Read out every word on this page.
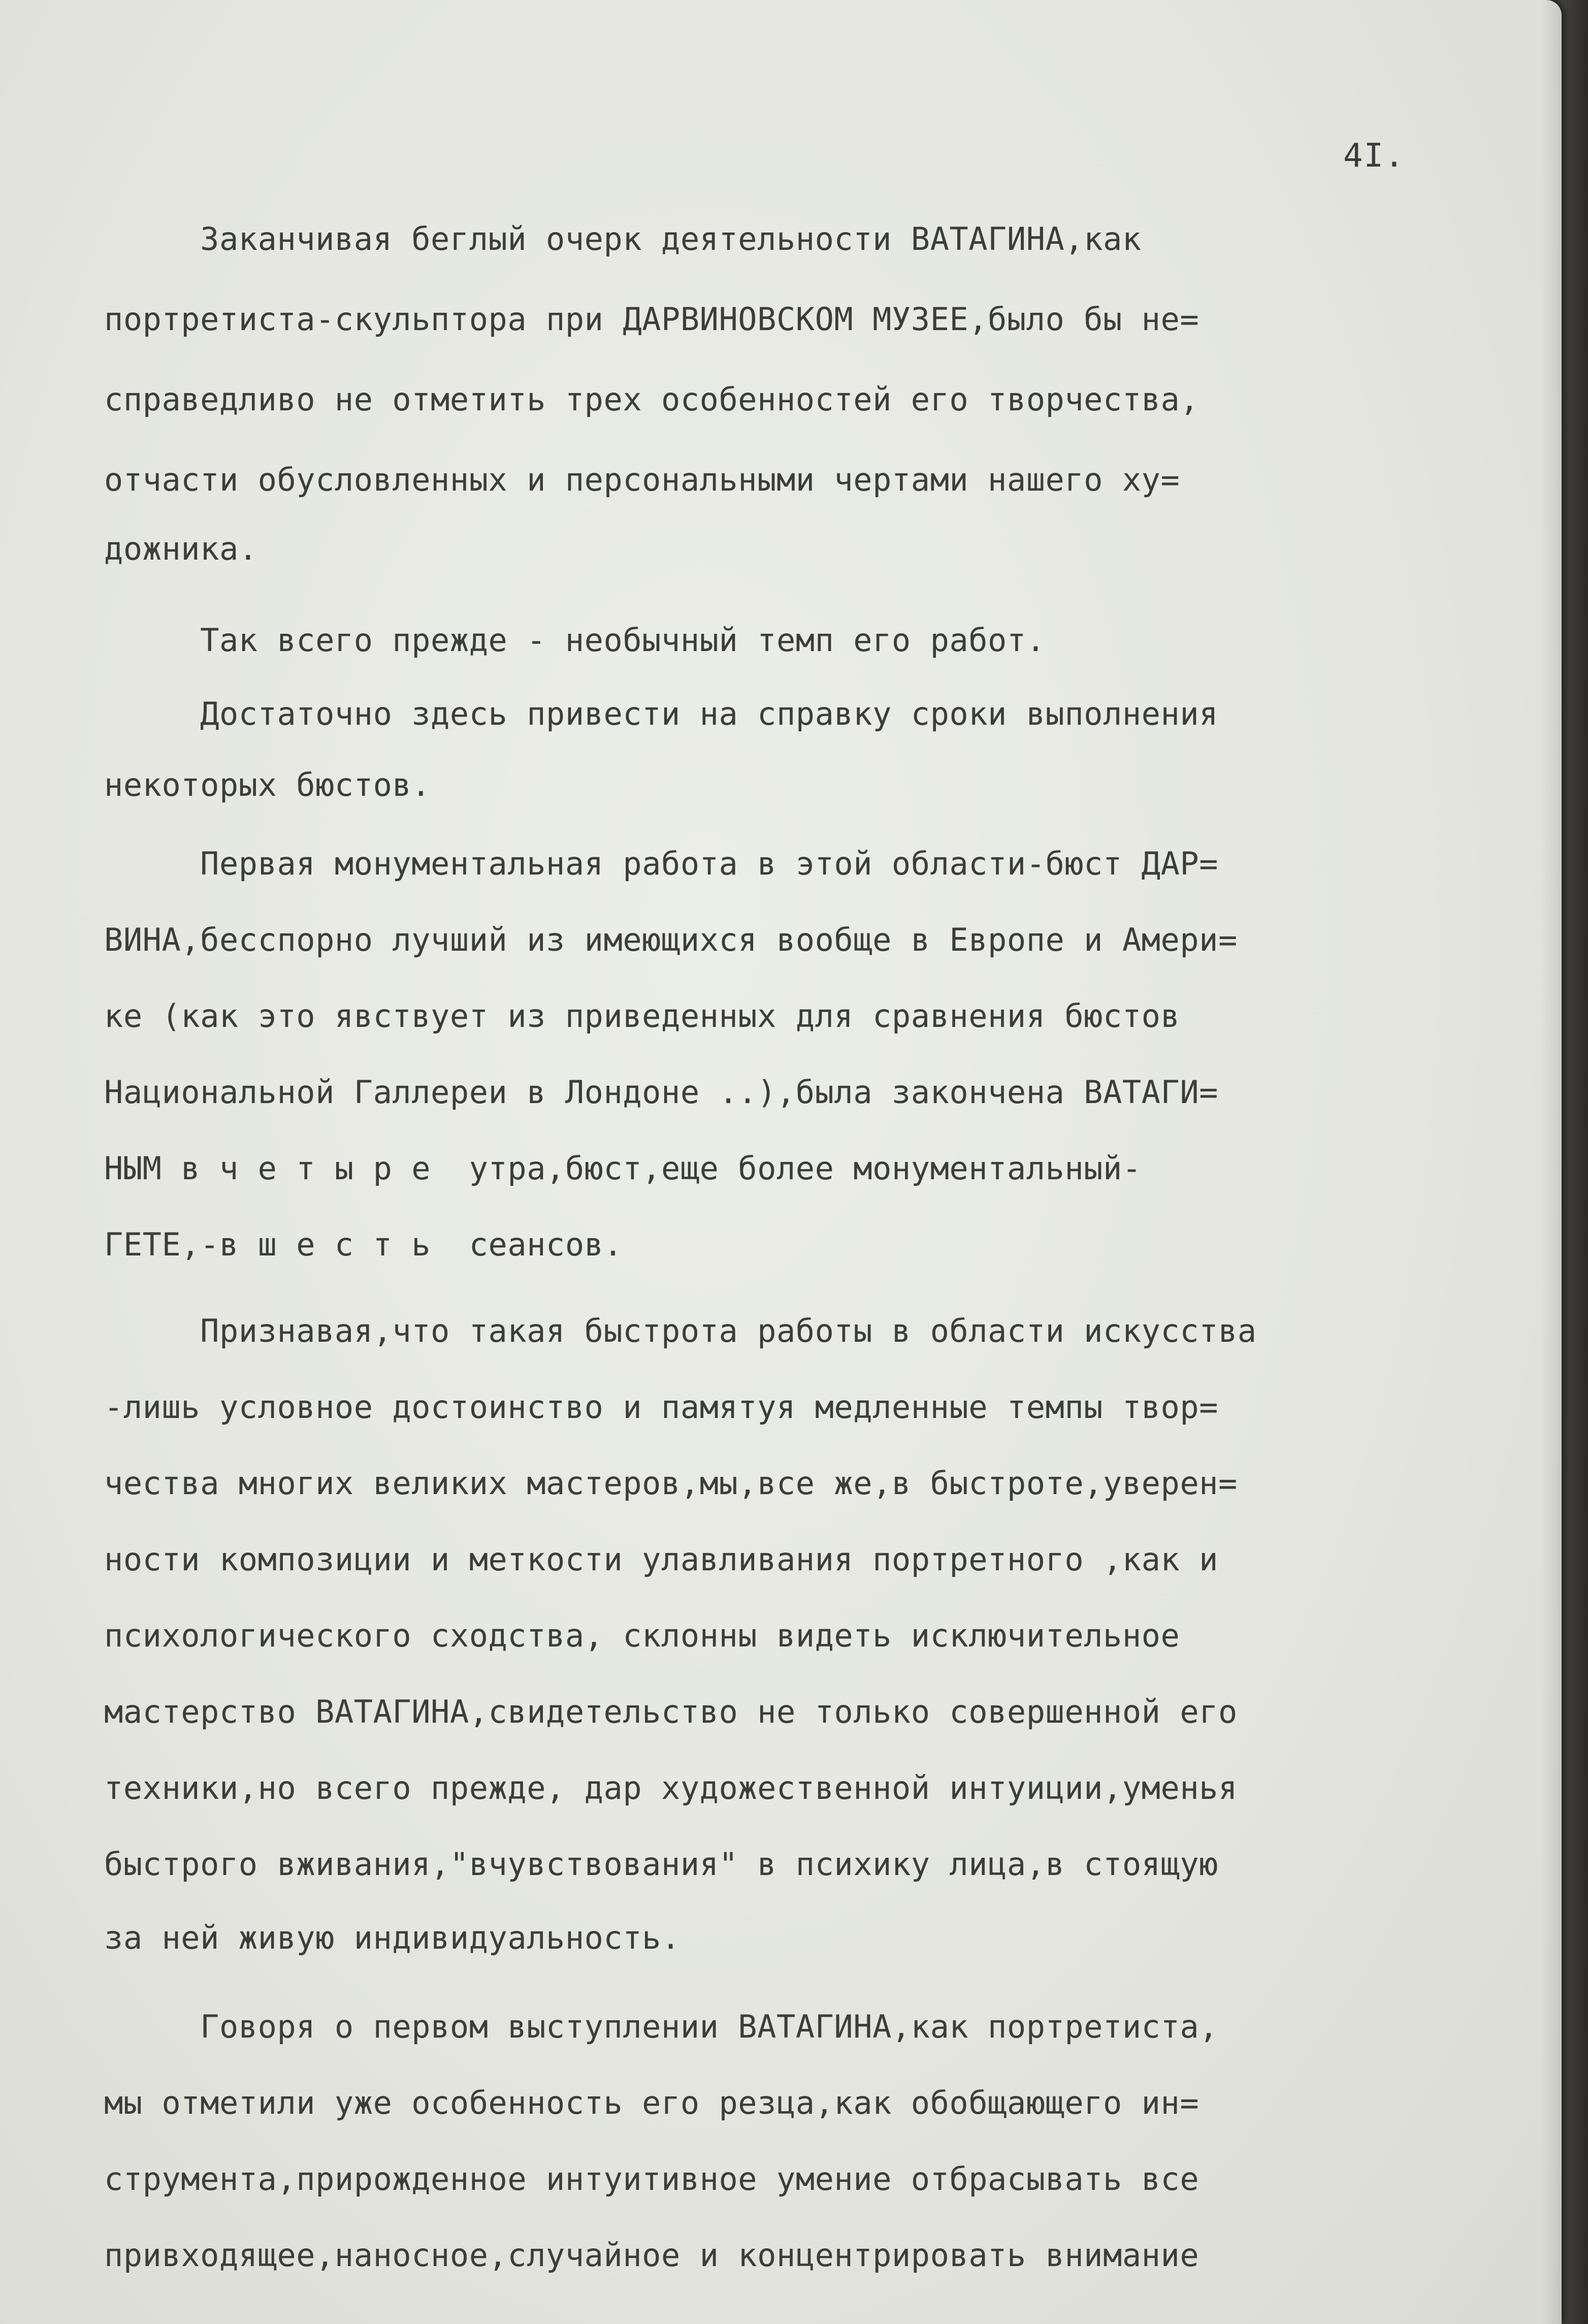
4I.
Заканчивая беглый очерк деятельности ВАТАГИНА,как
портретиста-скульптора при ДАРВИНОВСКОМ МУЗЕЕ,было бы не=
справедливо не отметить трех особенностей его творчества,
отчасти обусловленных и персональными чертами нашего ху=
дожника.
Так всего прежде - необычный темп его работ.
Достаточно здесь привести на справку сроки выполнения
некоторых бюстов.
Первая монументальная работа в этой области-бюст ДАР=
ВИНА,бесспорно лучший из имеющихся вообще в Европе и Амери=
ке (как это явствует из приведенных для сравнения бюстов
Национальной Галлереи в Лондоне ..),была закончена ВАТАГИ=
НЫМ в ч е т ы р е  утра,бюст,еще более монументальный-
ГЕТЕ,-в ш е с т ь  сеансов.
Признавая,что такая быстрота работы в области искусства
-лишь условное достоинство и памятуя медленные темпы твор=
чества многих великих мастеров,мы,все же,в быстроте,уверен=
ности композиции и меткости улавливания портретного ,как и
психологического сходства, склонны видеть исключительное
мастерство ВАТАГИНА,свидетельство не только совершенной его
техники,но всего прежде, дар художественной интуиции,уменья
быстрого вживания,"вчувствования" в психику лица,в стоящую
за ней живую индивидуальность.
Говоря о первом выступлении ВАТАГИНА,как портретиста,
мы отметили уже особенность его резца,как обобщающего ин=
струмента,прирожденное интуитивное умение отбрасывать все
привходящее,наносное,случайное и концентрировать внимание
